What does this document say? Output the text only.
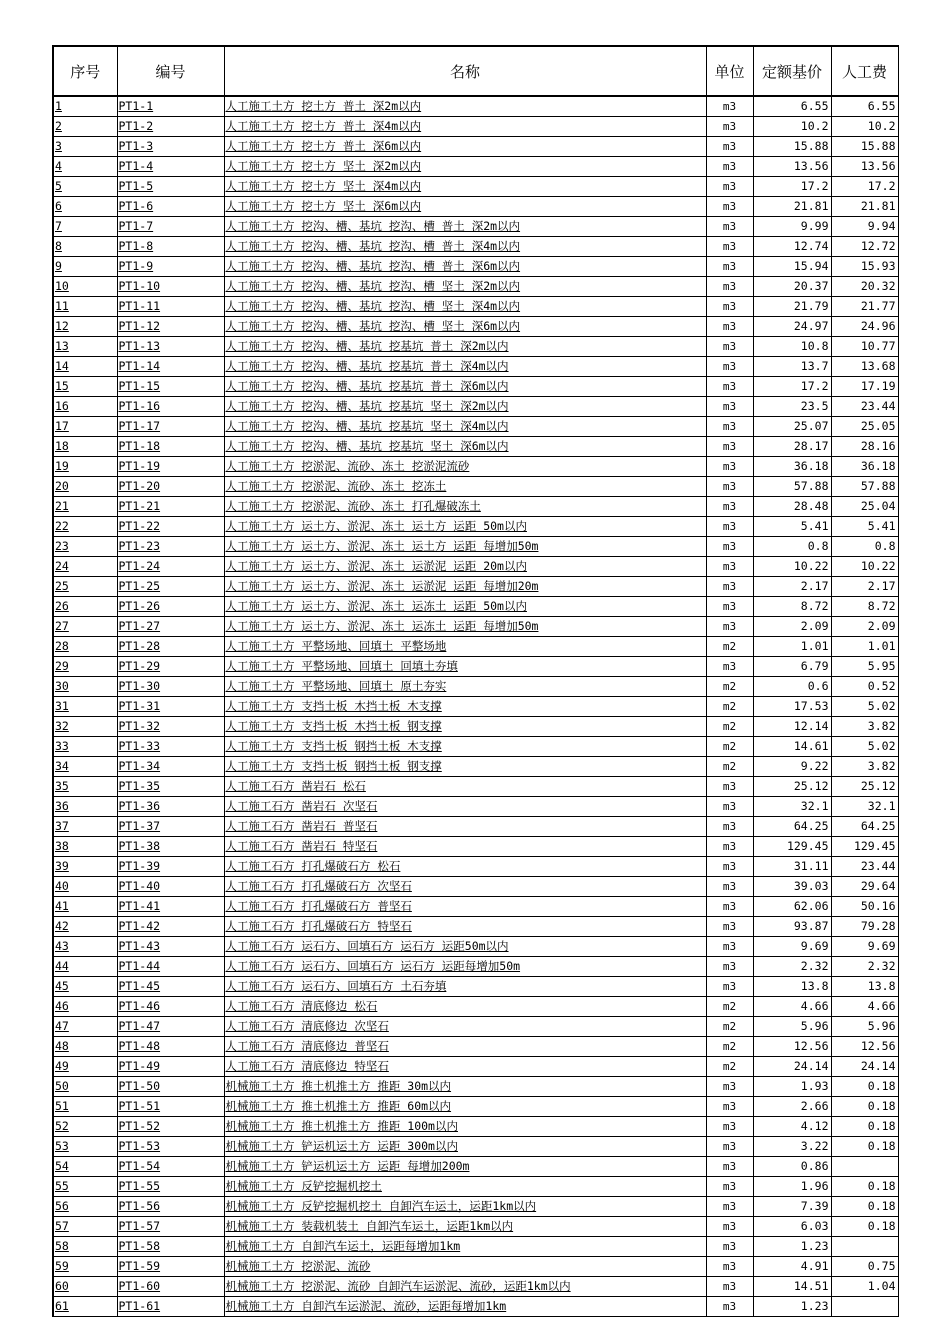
序号	编号	名称	单位	定额基价	人工费
1	PT1-1	人工施工土方 挖土方 普土 深2m以内	m3	6.55	6.55
2	PT1-2	人工施工土方 挖土方 普土 深4m以内	m3	10.2	10.2
3	PT1-3	人工施工土方 挖土方 普土 深6m以内	m3	15.88	15.88
4	PT1-4	人工施工土方 挖土方 坚土 深2m以内	m3	13.56	13.56
5	PT1-5	人工施工土方 挖土方 坚土 深4m以内	m3	17.2	17.2
6	PT1-6	人工施工土方 挖土方 坚土 深6m以内	m3	21.81	21.81
7	PT1-7	人工施工土方 挖沟、槽、基坑 挖沟、槽 普土 深2m以内	m3	9.99	9.94
8	PT1-8	人工施工土方 挖沟、槽、基坑 挖沟、槽 普土 深4m以内	m3	12.74	12.72
9	PT1-9	人工施工土方 挖沟、槽、基坑 挖沟、槽 普土 深6m以内	m3	15.94	15.93
10	PT1-10	人工施工土方 挖沟、槽、基坑 挖沟、槽 坚土 深2m以内	m3	20.37	20.32
11	PT1-11	人工施工土方 挖沟、槽、基坑 挖沟、槽 坚土 深4m以内	m3	21.79	21.77
12	PT1-12	人工施工土方 挖沟、槽、基坑 挖沟、槽 坚土 深6m以内	m3	24.97	24.96
13	PT1-13	人工施工土方 挖沟、槽、基坑 挖基坑 普土 深2m以内	m3	10.8	10.77
14	PT1-14	人工施工土方 挖沟、槽、基坑 挖基坑 普土 深4m以内	m3	13.7	13.68
15	PT1-15	人工施工土方 挖沟、槽、基坑 挖基坑 普土 深6m以内	m3	17.2	17.19
16	PT1-16	人工施工土方 挖沟、槽、基坑 挖基坑 坚土 深2m以内	m3	23.5	23.44
17	PT1-17	人工施工土方 挖沟、槽、基坑 挖基坑 坚土 深4m以内	m3	25.07	25.05
18	PT1-18	人工施工土方 挖沟、槽、基坑 挖基坑 坚土 深6m以内	m3	28.17	28.16
19	PT1-19	人工施工土方 挖淤泥、流砂、冻土 挖淤泥流砂	m3	36.18	36.18
20	PT1-20	人工施工土方 挖淤泥、流砂、冻土 挖冻土	m3	57.88	57.88
21	PT1-21	人工施工土方 挖淤泥、流砂、冻土 打孔爆破冻土	m3	28.48	25.04
22	PT1-22	人工施工土方 运土方、淤泥、冻土 运土方 运距 50m以内	m3	5.41	5.41
23	PT1-23	人工施工土方 运土方、淤泥、冻土 运土方 运距 每增加50m	m3	0.8	0.8
24	PT1-24	人工施工土方 运土方、淤泥、冻土 运淤泥 运距 20m以内	m3	10.22	10.22
25	PT1-25	人工施工土方 运土方、淤泥、冻土 运淤泥 运距 每增加20m	m3	2.17	2.17
26	PT1-26	人工施工土方 运土方、淤泥、冻土 运冻土 运距 50m以内	m3	8.72	8.72
27	PT1-27	人工施工土方 运土方、淤泥、冻土 运冻土 运距 每增加50m	m3	2.09	2.09
28	PT1-28	人工施工土方 平整场地、回填土 平整场地	m2	1.01	1.01
29	PT1-29	人工施工土方 平整场地、回填土 回填土夯填	m3	6.79	5.95
30	PT1-30	人工施工土方 平整场地、回填土 原土夯实	m2	0.6	0.52
31	PT1-31	人工施工土方 支挡土板 木挡土板 木支撑	m2	17.53	5.02
32	PT1-32	人工施工土方 支挡土板 木挡土板 钢支撑	m2	12.14	3.82
33	PT1-33	人工施工土方 支挡土板 钢挡土板 木支撑	m2	14.61	5.02
34	PT1-34	人工施工土方 支挡土板 钢挡土板 钢支撑	m2	9.22	3.82
35	PT1-35	人工施工石方 凿岩石 松石	m3	25.12	25.12
36	PT1-36	人工施工石方 凿岩石 次坚石	m3	32.1	32.1
37	PT1-37	人工施工石方 凿岩石 普坚石	m3	64.25	64.25
38	PT1-38	人工施工石方 凿岩石 特坚石	m3	129.45	129.45
39	PT1-39	人工施工石方 打孔爆破石方 松石	m3	31.11	23.44
40	PT1-40	人工施工石方 打孔爆破石方 次坚石	m3	39.03	29.64
41	PT1-41	人工施工石方 打孔爆破石方 普坚石	m3	62.06	50.16
42	PT1-42	人工施工石方 打孔爆破石方 特坚石	m3	93.87	79.28
43	PT1-43	人工施工石方 运石方、回填石方 运石方 运距50m以内	m3	9.69	9.69
44	PT1-44	人工施工石方 运石方、回填石方 运石方 运距每增加50m	m3	2.32	2.32
45	PT1-45	人工施工石方 运石方、回填石方 土石夯填	m3	13.8	13.8
46	PT1-46	人工施工石方 清底修边 松石	m2	4.66	4.66
47	PT1-47	人工施工石方 清底修边 次坚石	m2	5.96	5.96
48	PT1-48	人工施工石方 清底修边 普坚石	m2	12.56	12.56
49	PT1-49	人工施工石方 清底修边 特坚石	m2	24.14	24.14
50	PT1-50	机械施工土方 推土机推土方 推距 30m以内	m3	1.93	0.18
51	PT1-51	机械施工土方 推土机推土方 推距 60m以内	m3	2.66	0.18
52	PT1-52	机械施工土方 推土机推土方 推距 100m以内	m3	4.12	0.18
53	PT1-53	机械施工土方 铲运机运土方 运距 300m以内	m3	3.22	0.18
54	PT1-54	机械施工土方 铲运机运土方 运距 每增加200m	m3	0.86	
55	PT1-55	机械施工土方 反铲挖掘机挖土	m3	1.96	0.18
56	PT1-56	机械施工土方 反铲挖掘机挖土 自卸汽车运土，运距1km以内	m3	7.39	0.18
57	PT1-57	机械施工土方 装载机装土 自卸汽车运土，运距1km以内	m3	6.03	0.18
58	PT1-58	机械施工土方 自卸汽车运土，运距每增加1km	m3	1.23	
59	PT1-59	机械施工土方 挖淤泥、流砂	m3	4.91	0.75
60	PT1-60	机械施工土方 挖淤泥、流砂 自卸汽车运淤泥、流砂，运距1km以内	m3	14.51	1.04
61	PT1-61	机械施工土方 自卸汽车运淤泥、流砂，运距每增加1km	m3	1.23	
